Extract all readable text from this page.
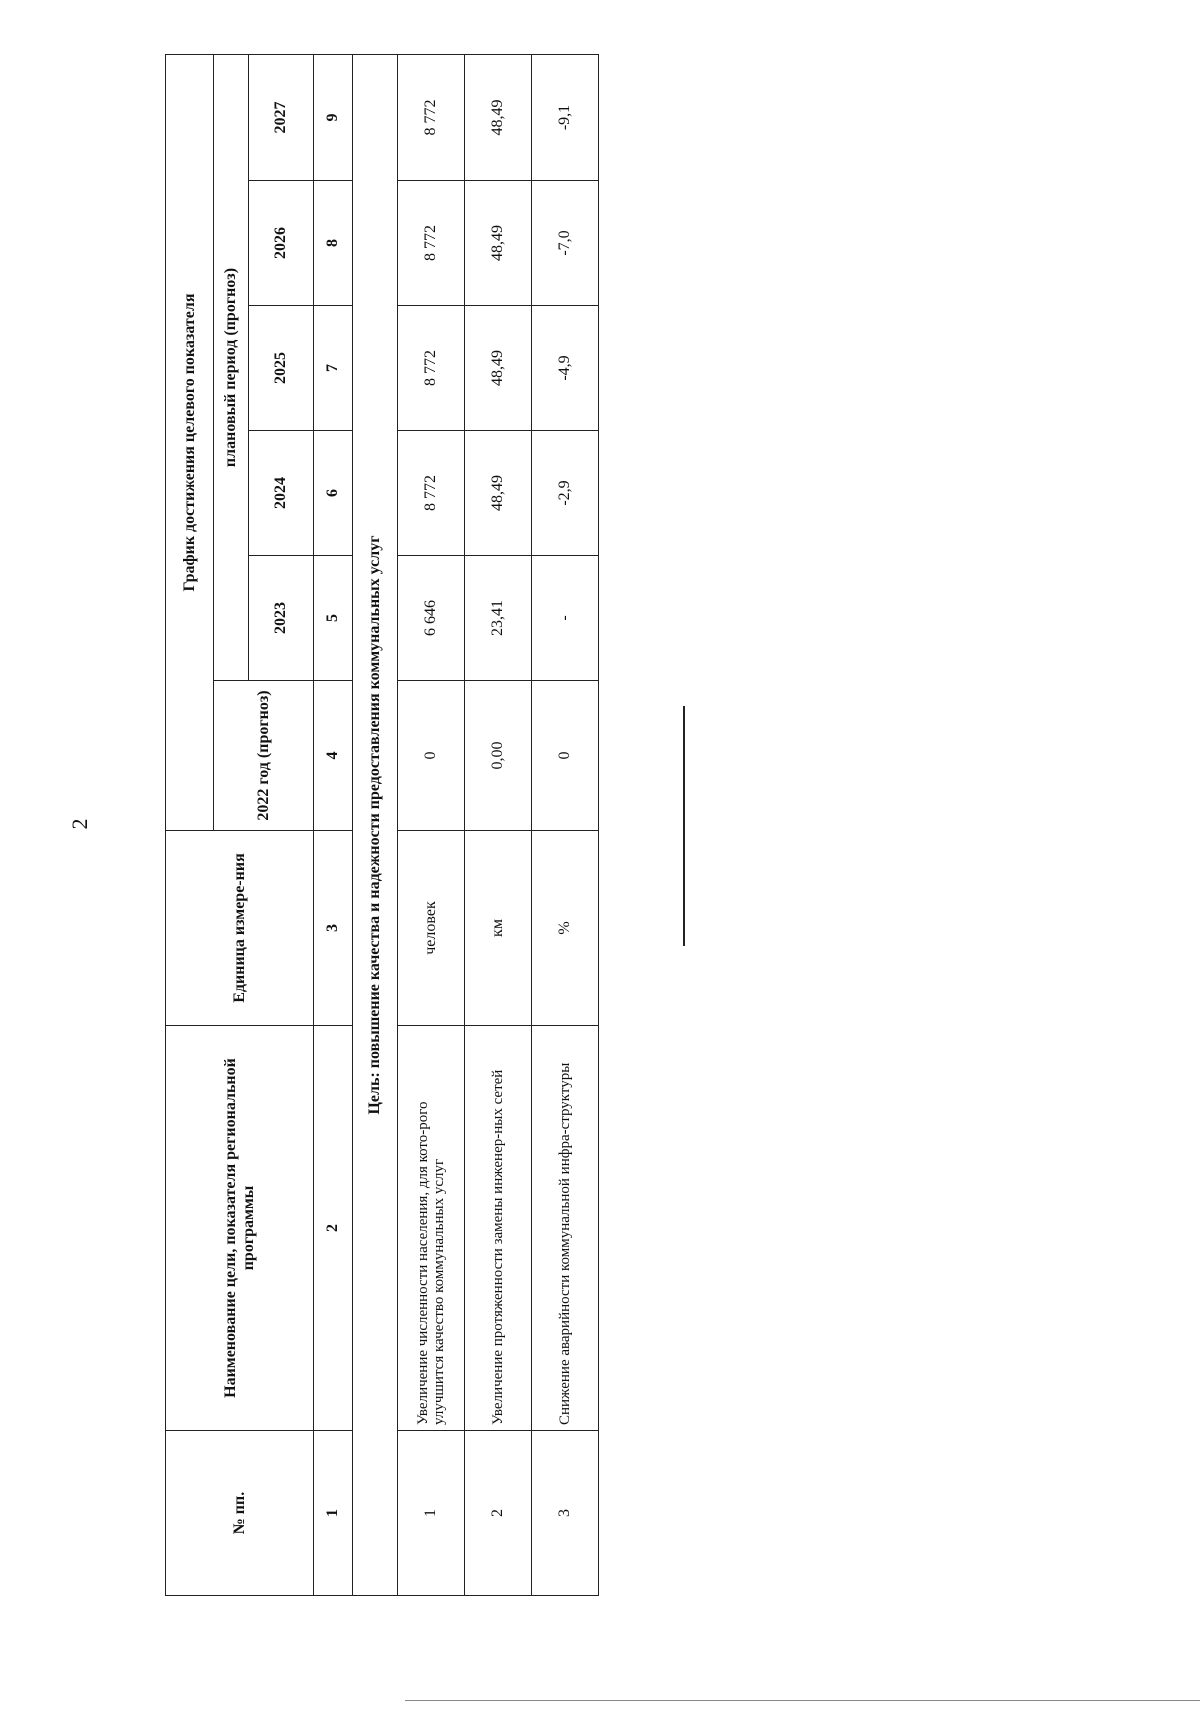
2
№ пп.	Наименование цели, показателя региональной программы	Единица измере-ния	График достижения целевого показателя					
			2022 год (прогноз)	плановый период (прогноз)				
				2023	2024	2025	2026	2027
1	2	3	4	5	6	7	8	9
Цель: повышение качества и надежности предоставления коммунальных услуг								
1	Увеличение численности населения, для кото-рого улучшится качество коммунальных услуг	человек	0	6 646	8 772	8 772	8 772	8 772
2	Увеличение протяженности замены инженер-ных сетей	км	0,00	23,41	48,49	48,49	48,49	48,49
3	Снижение аварийности коммунальной инфра-структуры	%	0	-	-2,9	-4,9	-7,0	-9,1
